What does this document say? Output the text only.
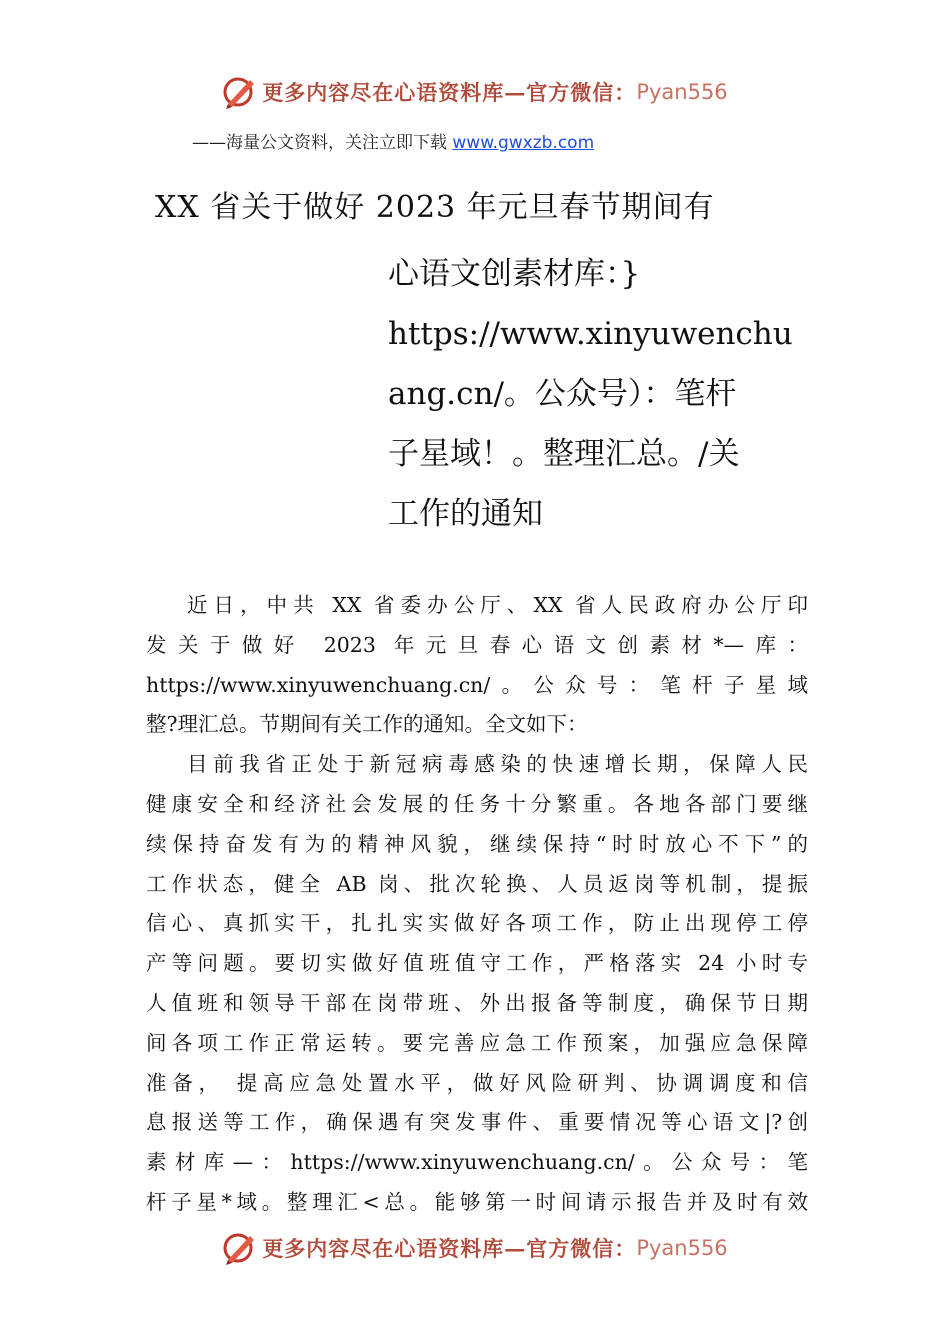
更多内容尽在心语资料库—官方微信： Pyan556
——海量公文资料，关注立即下载 www.gwxzb.com
XX 省关于做好 2023 年元旦春节期间有
心语文创素材库：}
https://www.xinyuwenchu
ang.cn/。公众号）：笔杆
子星域！。整理汇总。/关
工作的通知
近日，中共 XX 省委办公厅、XX 省人民政府办公厅印
发关于做好 2023 年元旦春心语文创素材*—库：
https://www.xinyuwenchuang.cn/。公众号：笔杆子星域
整?理汇总。节期间有关工作的通知。全文如下：
目前我省正处于新冠病毒感染的快速增长期，保障人民
健康安全和经济社会发展的任务十分繁重。各地各部门要继
续保持奋发有为的精神风貌，继续保持“时时放心不下”的
工作状态，健全 AB 岗、批次轮换、人员返岗等机制，提振
信心、真抓实干，扎扎实实做好各项工作，防止出现停工停
产等问题。要切实做好值班值守工作，严格落实 24 小时专
人值班和领导干部在岗带班、外出报备等制度，确保节日期
间各项工作正常运转。要完善应急工作预案，加强应急保障
准备， 提高应急处置水平，做好风险研判、协调调度和信
息报送等工作，确保遇有突发事件、重要情况等心语文|?创
素材库—：https://www.xinyuwenchuang.cn/。公众号：笔
杆子星*域。整理汇<总。能够第一时间请示报告并及时有效
更多内容尽在心语资料库—官方微信： Pyan556
